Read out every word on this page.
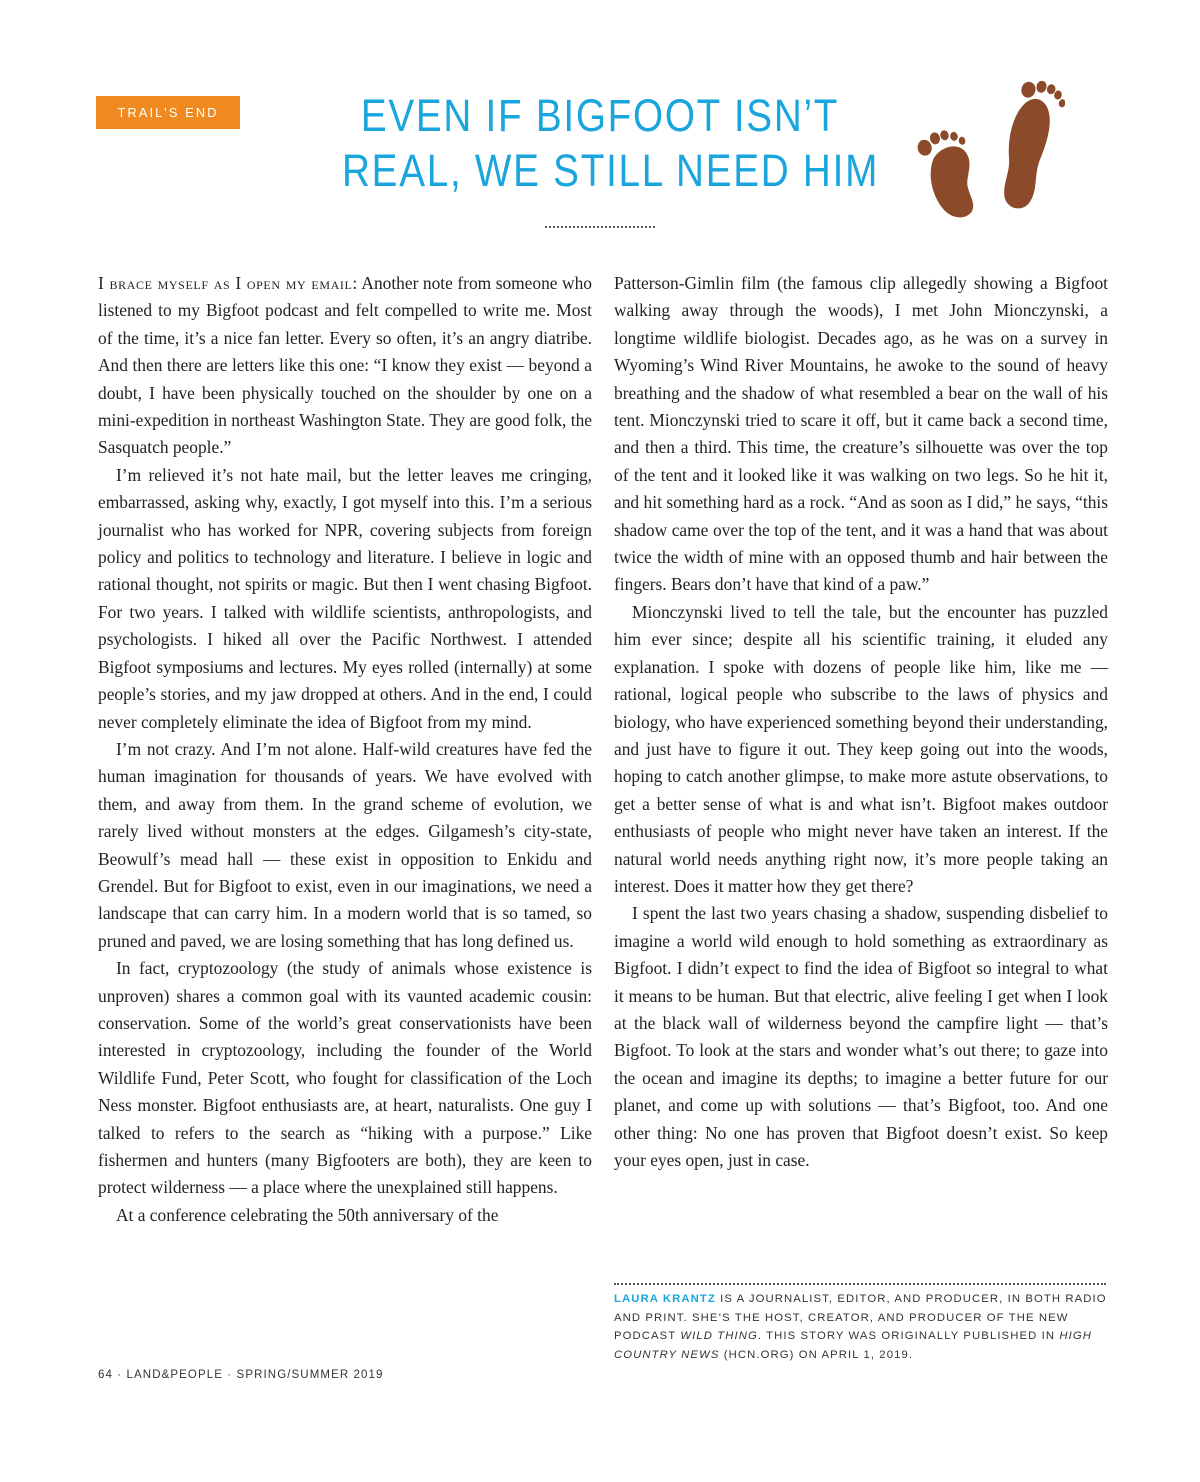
TRAIL'S END	EVEN IF BIGFOOT ISN’T
REAL, WE STILL NEED HIM

I brace myself as I open my email: Another note from someone who listened to my Bigfoot podcast and felt compelled to write me. Most of the time, it’s a nice fan letter. Every so often, it’s an angry diatribe. And then there are letters like this one: “I know they exist — beyond a doubt, I have been physically touched on the shoulder by one on a mini-expedition in northeast Washington State. They are good folk, the Sasquatch people.”

I’m relieved it’s not hate mail, but the letter leaves me cringing, embarrassed, asking why, exactly, I got myself into this. I’m a serious journalist who has worked for NPR, covering subjects from foreign policy and politics to technology and literature. I believe in logic and rational thought, not spirits or magic. But then I went chasing Bigfoot. For two years. I talked with wildlife scientists, anthropologists, and psychologists. I hiked all over the Pacific Northwest. I attended Bigfoot symposiums and lectures. My eyes rolled (internally) at some people’s stories, and my jaw dropped at others. And in the end, I could never completely eliminate the idea of Bigfoot from my mind.

I’m not crazy. And I’m not alone. Half-wild creatures have fed the human imagination for thousands of years. We have evolved with them, and away from them. In the grand scheme of evolution, we rarely lived without monsters at the edges. Gilgamesh’s city-state, Beowulf’s mead hall — these exist in opposition to Enkidu and Grendel. But for Bigfoot to exist, even in our imaginations, we need a landscape that can carry him. In a modern world that is so tamed, so pruned and paved, we are losing something that has long defined us.

In fact, cryptozoology (the study of animals whose existence is unproven) shares a common goal with its vaunted academic cousin: conservation. Some of the world’s great conservationists have been interested in cryptozoology, including the founder of the World Wildlife Fund, Peter Scott, who fought for classification of the Loch Ness monster. Bigfoot enthusiasts are, at heart, naturalists. One guy I talked to refers to the search as “hiking with a purpose.” Like fishermen and hunters (many Bigfooters are both), they are keen to protect wilderness — a place where the unexplained still happens.

At a conference celebrating the 50th anniversary of the

Patterson-Gimlin film (the famous clip allegedly showing a Bigfoot walking away through the woods), I met John Mionczynski, a longtime wildlife biologist. Decades ago, as he was on a survey in Wyoming’s Wind River Mountains, he awoke to the sound of heavy breathing and the shadow of what resembled a bear on the wall of his tent. Mionczynski tried to scare it off, but it came back a second time, and then a third. This time, the creature’s silhouette was over the top of the tent and it looked like it was walking on two legs. So he hit it, and hit something hard as a rock. “And as soon as I did,” he says, “this shadow came over the top of the tent, and it was a hand that was about twice the width of mine with an opposed thumb and hair between the fingers. Bears don’t have that kind of a paw.”

Mionczynski lived to tell the tale, but the encounter has puzzled him ever since; despite all his scientific training, it eluded any explanation. I spoke with dozens of people like him, like me — rational, logical people who subscribe to the laws of physics and biology, who have experienced something beyond their understanding, and just have to figure it out. They keep going out into the woods, hoping to catch another glimpse, to make more astute observations, to get a better sense of what is and what isn’t. Bigfoot makes outdoor enthusiasts of people who might never have taken an interest. If the natural world needs anything right now, it’s more people taking an interest. Does it matter how they get there?

I spent the last two years chasing a shadow, suspending disbelief to imagine a world wild enough to hold something as extraordinary as Bigfoot. I didn’t expect to find the idea of Bigfoot so integral to what it means to be human. But that electric, alive feeling I get when I look at the black wall of wilderness beyond the campfire light — that’s Bigfoot. To look at the stars and wonder what’s out there; to gaze into the ocean and imagine its depths; to imagine a better future for our planet, and come up with solutions — that’s Bigfoot, too. And one other thing: No one has proven that Bigfoot doesn’t exist. So keep your eyes open, just in case.

LAURA KRANTZ IS A JOURNALIST, EDITOR, AND PRODUCER, IN BOTH RADIO AND PRINT. SHE’S THE HOST, CREATOR, AND PRODUCER OF THE NEW PODCAST WILD THING. THIS STORY WAS ORIGINALLY PUBLISHED IN HIGH COUNTRY NEWS (HCN.ORG) ON APRIL 1, 2019.
64 · LAND&PEOPLE · SPRING/SUMMER 2019
